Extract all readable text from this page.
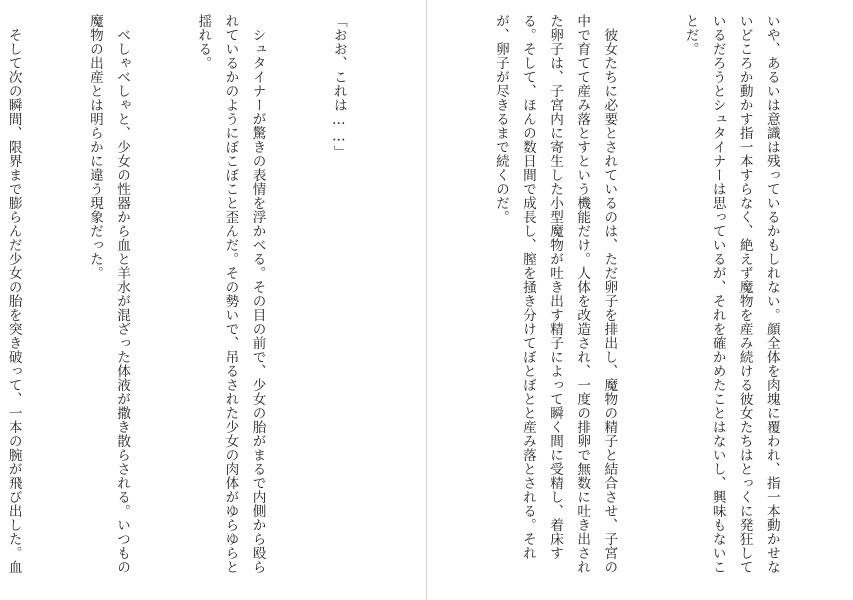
「おお、これは……」

　シュタイナーが驚きの表情を浮かべる。その目の前で、少女の胎がまるで内側から殴られているかのようにぼこぼこと歪んだ。その勢いで、吊るされた少女の肉体がゆらゆらと揺れる。

　べしゃべしゃと、少女の性器から血と羊水が混ざった体液が撒き散らされる。いつもの魔物の出産とは明らかに違う現象だった。

　そして次の瞬間、限界まで膨らんだ少女の胎を突き破って、一本の腕が飛び出した。血

	いや、あるいは意識は残っているかもしれない。顔全体を肉塊に覆われ、指一本動かせないどころか動かす指一本すらなく、絶えず魔物を産み続ける彼女たちはとっくに発狂しているだろうとシュタイナーは思っているが、それを確かめたことはないし、興味もないことだ。

　彼女たちに必要とされているのは、ただ卵子を排出し、魔物の精子と結合させ、子宮の中で育てて産み落とすという機能だけ。人体を改造され、一度の排卵で無数に吐き出された卵子は、子宮内に寄生した小型魔物が吐き出す精子によって瞬く間に受精し、着床する。そして、ほんの数日間で成長し、膣を掻き分けてぼとぼとと産み落とされる。それが、卵子が尽きるまで続くのだ。
